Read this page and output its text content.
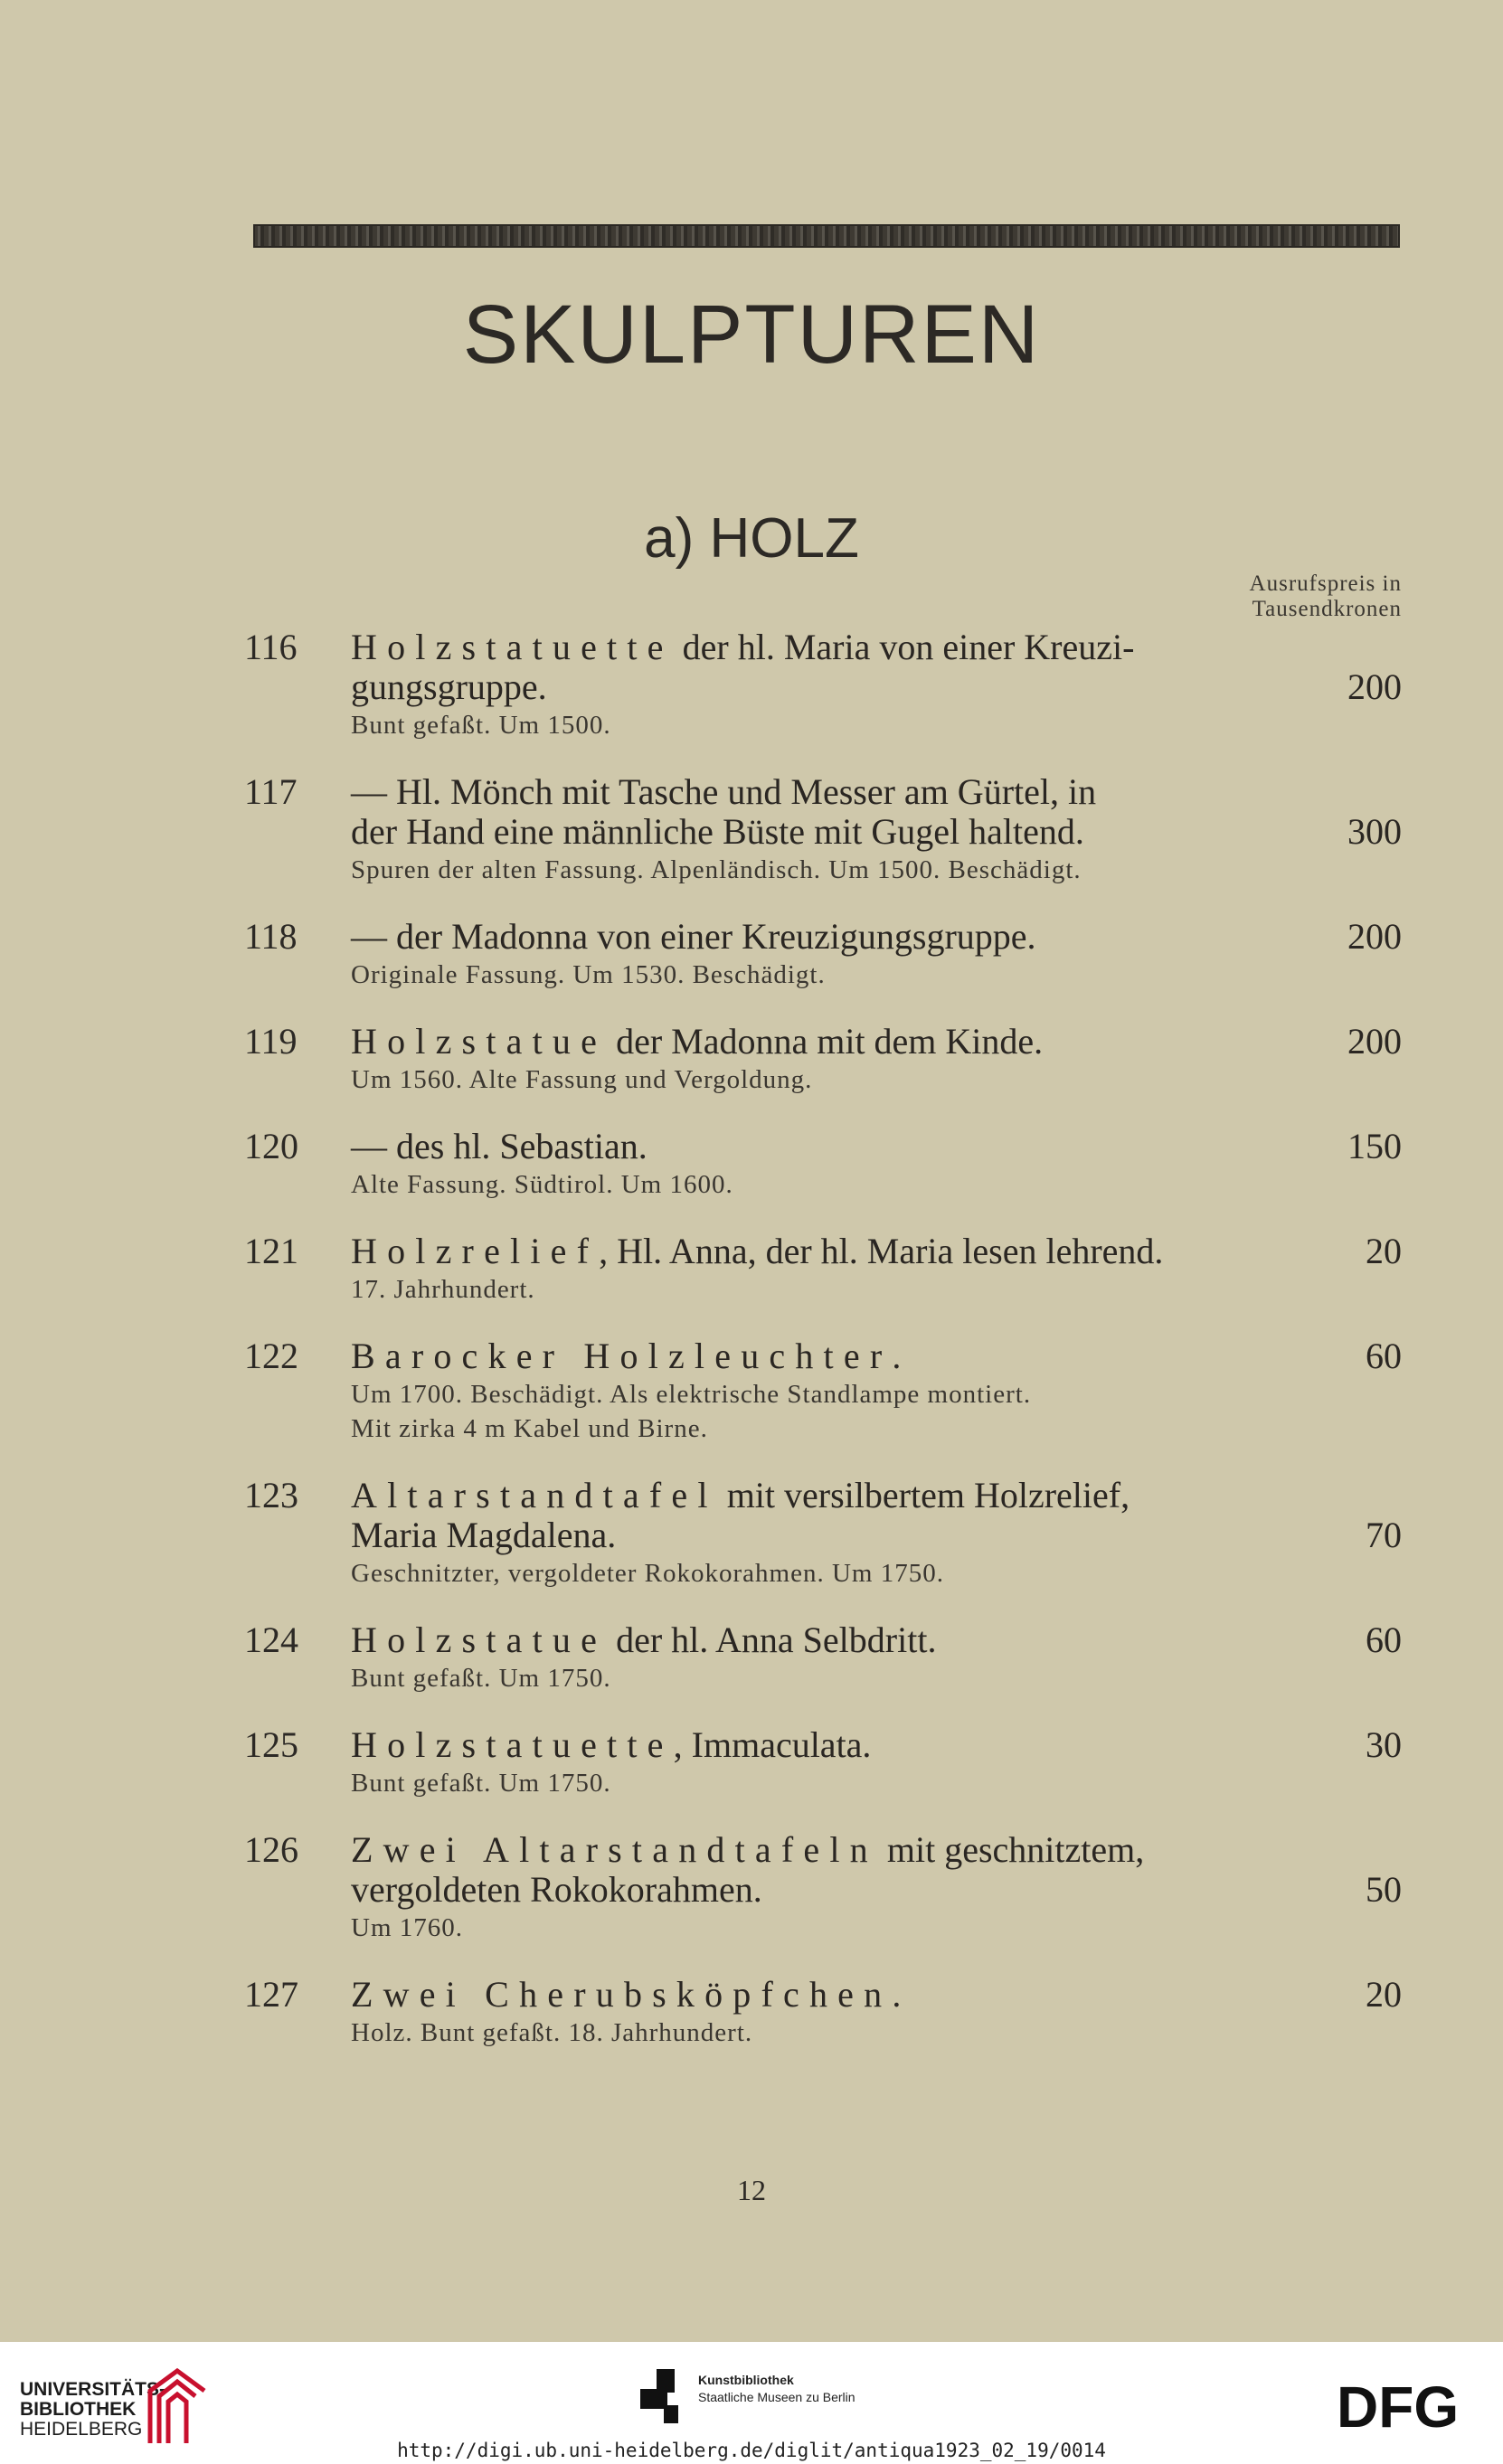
SKULPTUREN
a) HOLZ
Ausrufspreis in
Tausendkronen
116 Holzstatuette der hl. Maria von einer Kreuzi-
gungsgruppe.	200
Bunt gefaßt. Um 1500.
117 — Hl. Mönch mit Tasche und Messer am Gürtel, in
der Hand eine männliche Büste mit Gugel haltend.	300
Spuren der alten Fassung. Alpenländisch. Um 1500. Beschädigt.
118 — der Madonna von einer Kreuzigungsgruppe.	200
Originale Fassung. Um 1530. Beschädigt.
119 Holzstatue der Madonna mit dem Kinde.	200
Um 1560. Alte Fassung und Vergoldung.
120 — des hl. Sebastian.	150
Alte Fassung. Südtirol. Um 1600.
121 Holzrelief, Hl. Anna, der hl. Maria lesen lehrend.	20
17. Jahrhundert.
122 Barocker Holzleuchter.	60
Um 1700. Beschädigt. Als elektrische Standlampe montiert.
Mit zirka 4 m Kabel und Birne.
123 Altarstandtafel mit versilbertem Holzrelief,
Maria Magdalena.	70
Geschnitzter, vergoldeter Rokokorahmen. Um 1750.
124 Holzstatue der hl. Anna Selbdritt.	60
Bunt gefaßt. Um 1750.
125 Holzstatuette, Immaculata.	30
Bunt gefaßt. Um 1750.
126 Zwei Altarstandtafeln mit geschnitztem,
vergoldeten Rokokorahmen.	50
Um 1760.
127 Zwei Cherubsköpfchen.	20
Holz. Bunt gefaßt. 18. Jahrhundert.
12
UNIVERSITÄTS-
BIBLIOTHEK
HEIDELBERG
Kunstbibliothek
Staatliche Museen zu Berlin	DFG
http://digi.ub.uni-heidelberg.de/diglit/antiqua1923_02_19/0014
